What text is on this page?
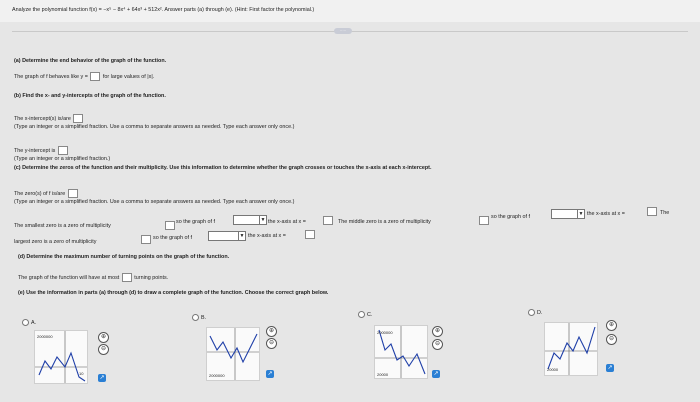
Analyze the polynomial function f(x) = −x⁵ − 8x⁴ + 64x³ + 512x². Answer parts (a) through (e). (Hint: First factor the polynomial.)
·····
(a) Determine the end behavior of the graph of the function.
The graph of f behaves like y =	for large values of |x|.
(b) Find the x- and y-intercepts of the graph of the function.
The x-intercept(s) is/are
(Type an integer or a simplified fraction. Use a comma to separate answers as needed. Type each answer only once.)
The y-intercept is
(Type an integer or a simplified fraction.)
(c) Determine the zeros of the function and their multiplicity. Use this information to determine whether the graph crosses or touches the x-axis at each x-intercept.
The zero(s) of f is/are
(Type an integer or a simplified fraction. Use a comma to separate answers as needed. Type each answer only once.)
The smallest zero is a zero of multiplicity
so the graph of f	▼ the x-axis at x =	The middle zero is a zero of multiplicity
so the graph of f	▼ the x-axis at x =	The
largest zero is a zero of multiplicity
so the graph of f	▼ the x-axis at x =
(d) Determine the maximum number of turning points on the graph of the function.
The graph of the function will have at most	turning points.
(e) Use the information in parts (a) through (d) to draw a complete graph of the function. Choose the correct graph below.
A.
2000000
10
⊕
⊖
↗
B.
2000000
⊕
⊖
↗
C.
2000000
20000
⊕
⊖
↗
D.
20000
⊕
⊖
↗
